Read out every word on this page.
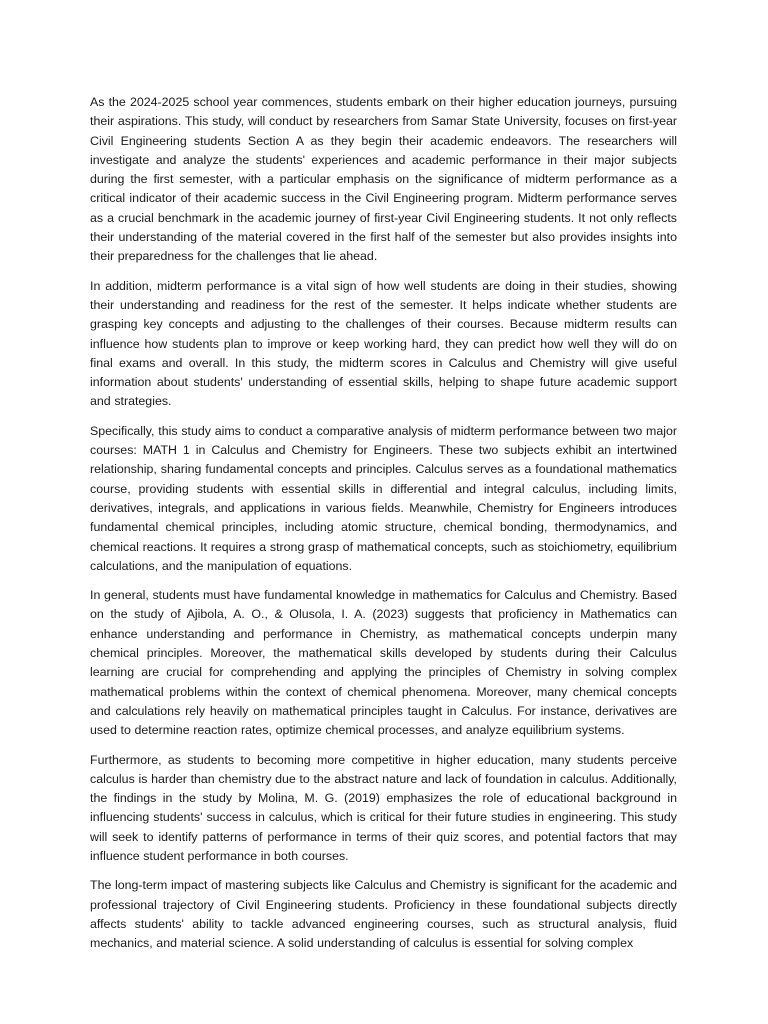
As the 2024-2025 school year commences, students embark on their higher education journeys, pursuing their aspirations. This study, will conduct by researchers from Samar State University, focuses on first-year Civil Engineering students Section A as they begin their academic endeavors. The researchers will investigate and analyze the students' experiences and academic performance in their major subjects during the first semester, with a particular emphasis on the significance of midterm performance as a critical indicator of their academic success in the Civil Engineering program. Midterm performance serves as a crucial benchmark in the academic journey of first-year Civil Engineering students. It not only reflects their understanding of the material covered in the first half of the semester but also provides insights into their preparedness for the challenges that lie ahead.

In addition, midterm performance is a vital sign of how well students are doing in their studies, showing their understanding and readiness for the rest of the semester. It helps indicate whether students are grasping key concepts and adjusting to the challenges of their courses. Because midterm results can influence how students plan to improve or keep working hard, they can predict how well they will do on final exams and overall. In this study, the midterm scores in Calculus and Chemistry will give useful information about students' understanding of essential skills, helping to shape future academic support and strategies.

Specifically, this study aims to conduct a comparative analysis of midterm performance between two major courses: MATH 1 in Calculus and Chemistry for Engineers. These two subjects exhibit an intertwined relationship, sharing fundamental concepts and principles. Calculus serves as a foundational mathematics course, providing students with essential skills in differential and integral calculus, including limits, derivatives, integrals, and applications in various fields. Meanwhile, Chemistry for Engineers introduces fundamental chemical principles, including atomic structure, chemical bonding, thermodynamics, and chemical reactions. It requires a strong grasp of mathematical concepts, such as stoichiometry, equilibrium calculations, and the manipulation of equations.

In general, students must have fundamental knowledge in mathematics for Calculus and Chemistry. Based on the study of Ajibola, A. O., & Olusola, I. A. (2023) suggests that proficiency in Mathematics can enhance understanding and performance in Chemistry, as mathematical concepts underpin many chemical principles. Moreover, the mathematical skills developed by students during their Calculus learning are crucial for comprehending and applying the principles of Chemistry in solving complex mathematical problems within the context of chemical phenomena. Moreover, many chemical concepts and calculations rely heavily on mathematical principles taught in Calculus. For instance, derivatives are used to determine reaction rates, optimize chemical processes, and analyze equilibrium systems.

Furthermore, as students to becoming more competitive in higher education, many students perceive calculus is harder than chemistry due to the abstract nature and lack of foundation in calculus. Additionally, the findings in the study by Molina, M. G. (2019) emphasizes the role of educational background in influencing students' success in calculus, which is critical for their future studies in engineering. This study will seek to identify patterns of performance in terms of their quiz scores, and potential factors that may influence student performance in both courses.

The long-term impact of mastering subjects like Calculus and Chemistry is significant for the academic and professional trajectory of Civil Engineering students. Proficiency in these foundational subjects directly affects students' ability to tackle advanced engineering courses, such as structural analysis, fluid mechanics, and material science. A solid understanding of calculus is essential for solving complex
